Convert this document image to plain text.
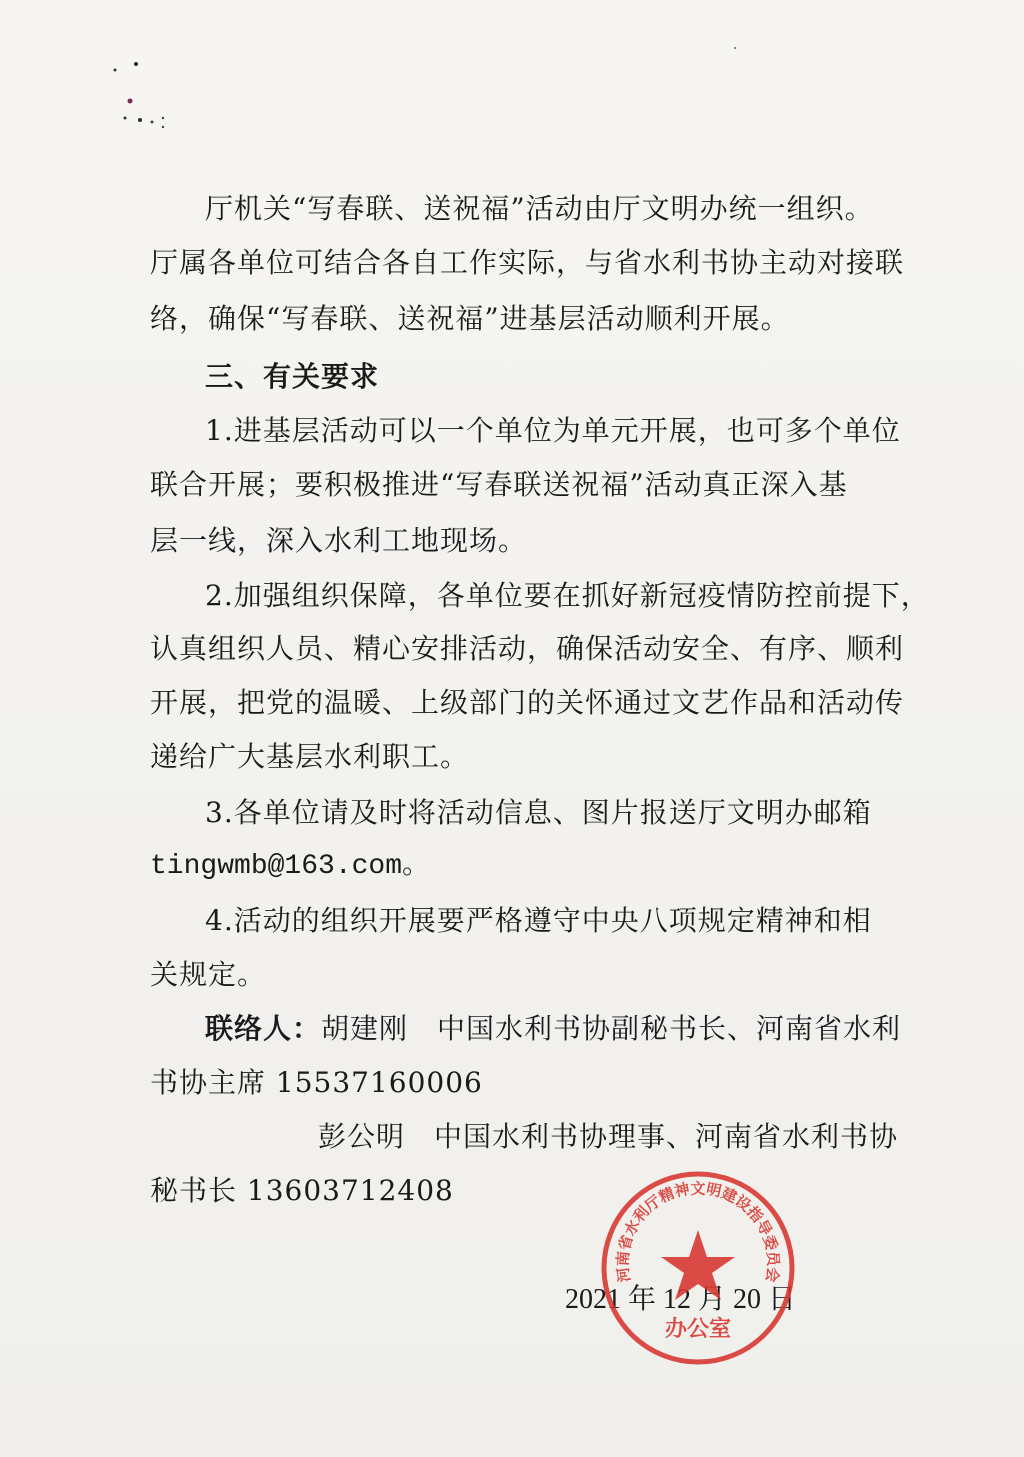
厅机关“写春联、送祝福”活动由厅文明办统一组织。
厅属各单位可结合各自工作实际，与省水利书协主动对接联
络，确保“写春联、送祝福”进基层活动顺利开展。
三、有关要求
1.进基层活动可以一个单位为单元开展，也可多个单位
联合开展；要积极推进“写春联送祝福”活动真正深入基
层一线，深入水利工地现场。
2.加强组织保障，各单位要在抓好新冠疫情防控前提下，
认真组织人员、精心安排活动，确保活动安全、有序、顺利
开展，把党的温暖、上级部门的关怀通过文艺作品和活动传
递给广大基层水利职工。
3.各单位请及时将活动信息、图片报送厅文明办邮箱
tingwmb@163.com。
4.活动的组织开展要严格遵守中央八项规定精神和相
关规定。
联络人：胡建刚　中国水利书协副秘书长、河南省水利
书协主席 15537160006
彭公明　中国水利书协理事、河南省水利书协
秘书长 13603712408
2021 年 12 月 20 日
河南省水利厅精神文明建设指导委员会
办公室
